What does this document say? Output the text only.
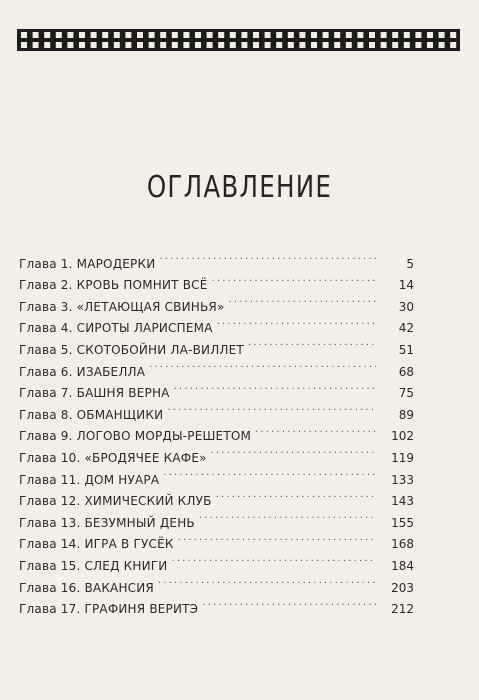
ОГЛАВЛЕНИЕ
Глава 1. МАРОДЕРКИ . . .	5
Глава 2. КРОВЬ ПОМНИТ ВСЁ . . .	14
Глава 3. «ЛЕТАЮЩАЯ СВИНЬЯ» . . .	30
Глава 4. СИРОТЫ ЛАРИСПЕМА . . .	42
Глава 5. СКОТОБОЙНИ ЛА-ВИЛЛЕТ . . .	51
Глава 6. ИЗАБЕЛЛА . . .	68
Глава 7. БАШНЯ ВЕРНА . . .	75
Глава 8. ОБМАНЩИКИ . . .	89
Глава 9. ЛОГОВО МОРДЫ-РЕШЕТОМ . . .	102
Глава 10. «БРОДЯЧЕЕ КАФЕ» . . .	119
Глава 11. ДОМ НУАРА . . .	133
Глава 12. ХИМИЧЕСКИЙ КЛУБ . . .	143
Глава 13. БЕЗУМНЫЙ ДЕНЬ . . .	155
Глава 14. ИГРА В ГУСЁК . . .	168
Глава 15. СЛЕД КНИГИ . . .	184
Глава 16. ВАКАНСИЯ . . .	203
Глава 17. ГРАФИНЯ ВЕРИТЭ . . .	212
